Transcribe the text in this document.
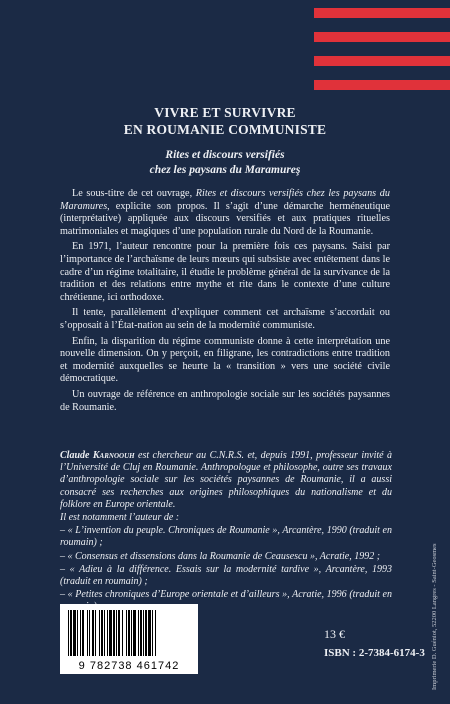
VIVRE ET SURVIVRE
EN ROUMANIE COMMUNISTE
Rites et discours versifiés
chez les paysans du Maramureş

Le sous-titre de cet ouvrage, Rites et discours versifiés chez les paysans du Maramures, explicite son propos. Il s’agit d’une démarche herméneutique (interprétative) appliquée aux discours versifiés et aux pratiques rituelles matrimoniales et magiques d’une population rurale du Nord de la Roumanie.

En 1971, l’auteur rencontre pour la première fois ces paysans. Saisi par l’importance de l’archaïsme de leurs mœurs qui subsiste avec entêtement dans le cadre d’un régime totalitaire, il étudie le problème général de la survivance de la tradition et des relations entre mythe et rite dans le contexte d’une culture chrétienne, ici orthodoxe.

Il tente, parallèlement d’expliquer comment cet archaïsme s’accordait ou s’opposait à l’État-nation au sein de la modernité communiste.

Enfin, la disparition du régime communiste donne à cette interprétation une nouvelle dimension. On y perçoit, en filigrane, les contradictions entre tradition et modernité auxquelles se heurte la « transition » vers une société civile démocratique.

Un ouvrage de référence en anthropologie sociale sur les sociétés paysannes de Roumanie.

Claude Karnoouh est chercheur au C.N.R.S. et, depuis 1991, professeur invité à l’Université de Cluj en Roumanie. Anthropologue et philosophe, outre ses travaux d’anthropologie sociale sur les sociétés paysannes de Roumanie, il a aussi consacré ses recherches aux origines philosophiques du nationalisme et du folklore en Europe orientale.

Il est notamment l’auteur de :

– « L’invention du peuple. Chroniques de Roumanie », Arcantère, 1990 (traduit en roumain) ;

– « Consensus et dissensions dans la Roumanie de Ceausescu », Acratie, 1992 ;

– « Adieu à la différence. Essais sur la modernité tardive », Arcantère, 1993 (traduit en roumain) ;

– « Petites chroniques d’Europe orientale et d’ailleurs », Acratie, 1996 (traduit en

9 782738 461742
13 €
ISBN : 2-7384-6174-3 Imprimerie D. Guéniot, 52200 Langres - Saint-Geosmes
